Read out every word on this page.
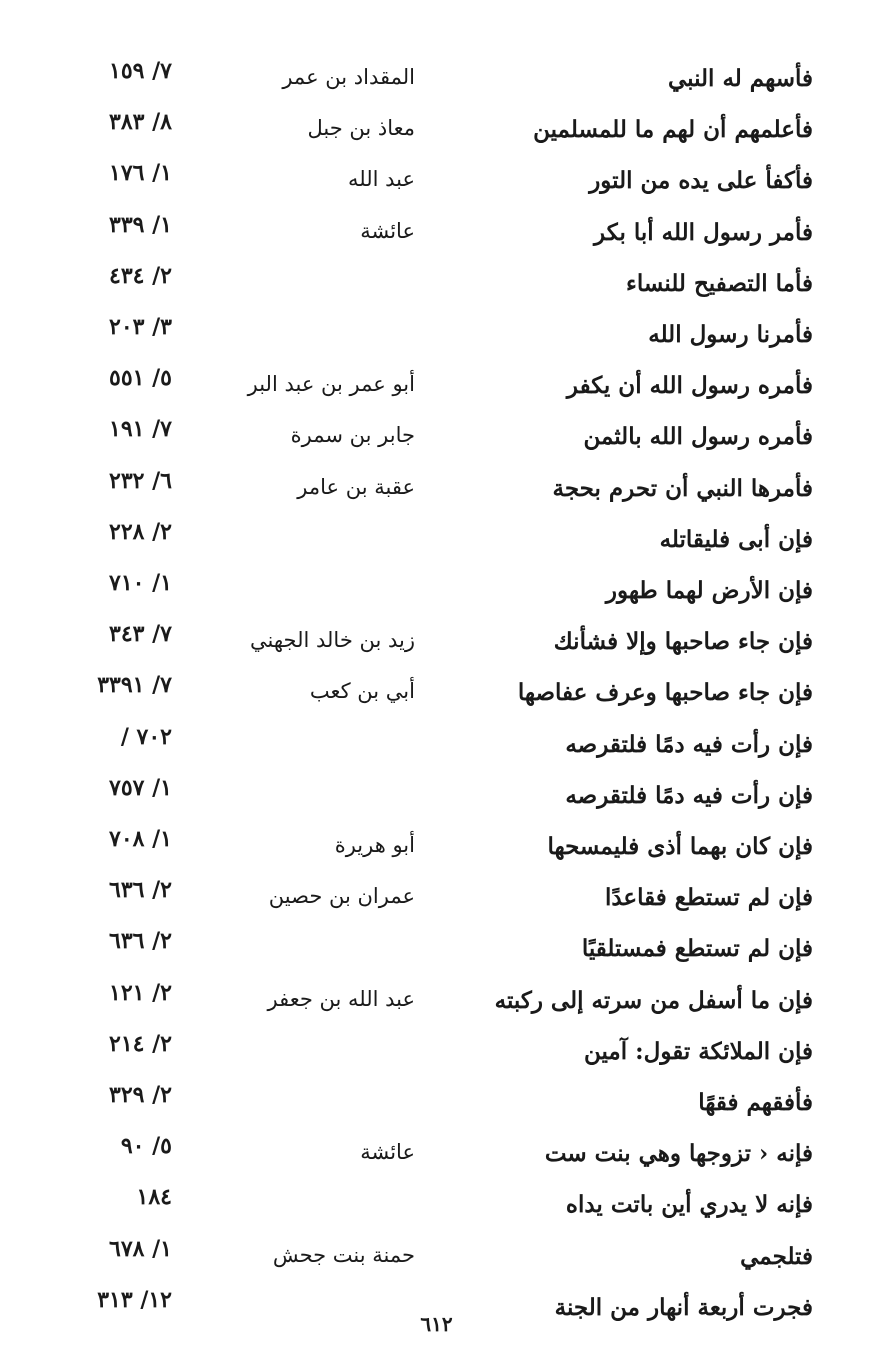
فأسهم له النبي
المقداد بن عمر
٧/ ١٥٩
فأعلمهم أن لهم ما للمسلمين
معاذ بن جبل
٨/ ٣٨٣
فأكفأ على يده من التور
عبد الله
١/ ١٧٦
فأمر رسول الله أبا بكر
عائشة
١/ ٣٣٩
فأما التصفيح للنساء
٢/ ٤٣٤
فأمرنا رسول الله
٣/ ٢٠٣
فأمره رسول الله أن يكفر
أبو عمر بن عبد البر
٥/ ٥٥١
فأمره رسول الله بالثمن
جابر بن سمرة
٧/ ١٩١
فأمرها النبي أن تحرم بحجة
عقبة بن عامر
٦/ ٢٣٢
فإن أبى فليقاتله
٢/ ٢٢٨
فإن الأرض لهما طهور
١/ ٧١٠
فإن جاء صاحبها وإلا فشأنك
زيد بن خالد الجهني
٧/ ٣٤٣
فإن جاء صاحبها وعرف عفاصها
أبي بن كعب
٧/ ٣٣٩١
فإن رأت فيه دمًا فلتقرصه
/ ٧٠٢
فإن رأت فيه دمًا فلتقرصه
١/ ٧٥٧
فإن كان بهما أذى فليمسحها
أبو هريرة
١/ ٧٠٨
فإن لم تستطع فقاعدًا
عمران بن حصين
٢/ ٦٣٦
فإن لم تستطع فمستلقيًا
٢/ ٦٣٦
فإن ما أسفل من سرته إلى ركبته
عبد الله بن جعفر
٢/ ١٢١
فإن الملائكة تقول: آمين
٢/ ٢١٤
فأفقهم فقهًا
٢/ ٣٢٩
فإنه ‹ تزوجها وهي بنت ست
عائشة
٥/ ٩٠
فإنه لا يدري أين باتت يداه
١٨٤
فتلجمي
حمنة بنت جحش
١/ ٦٧٨
فجرت أربعة أنهار من الجنة
١٢/ ٣١٣
٦١٢
